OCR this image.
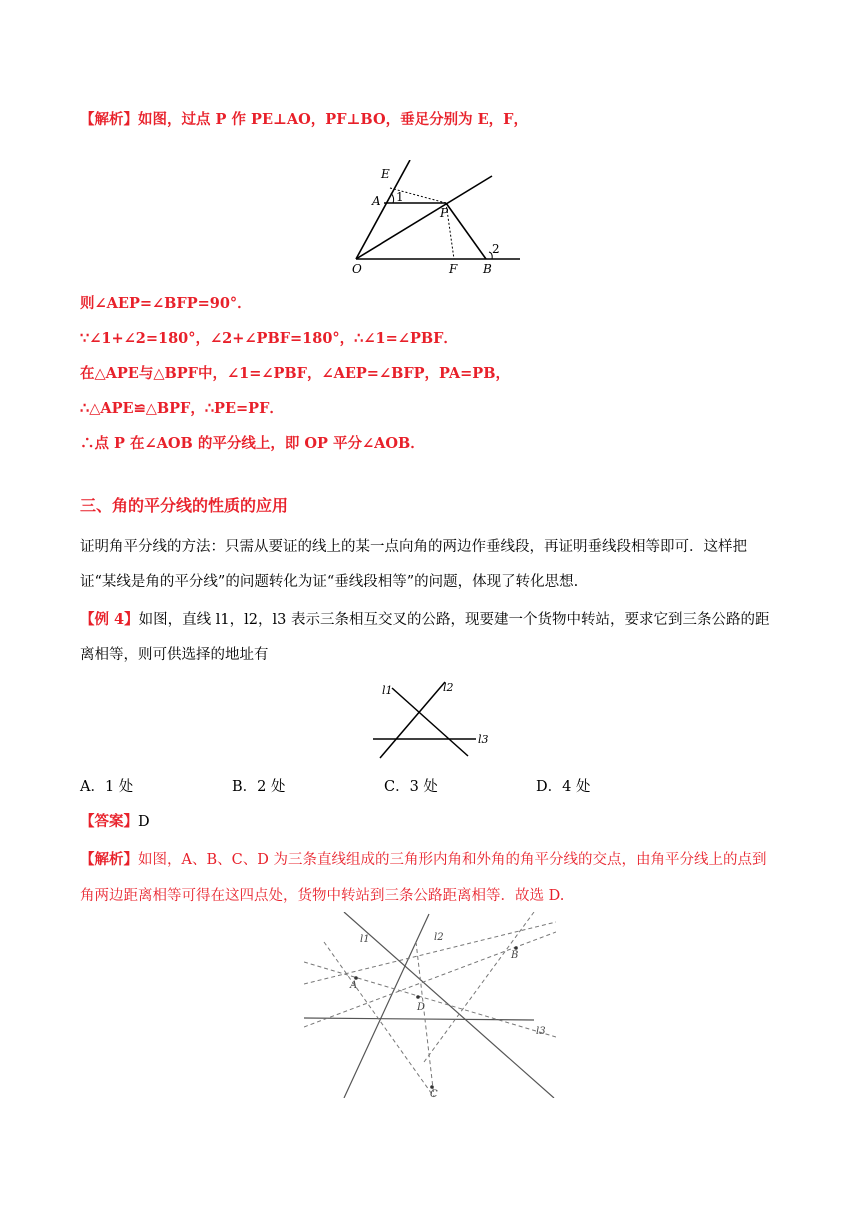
【解析】如图，过点 P 作 PE⊥AO，PF⊥BO，垂足分别为 E，F，
E
A 1
P
2
O	F B
则∠AEP=∠BFP=90°．
∵∠1+∠2=180°，∠2+∠PBF=180°，∴∠1=∠PBF．
在△APE与△BPF中，∠1=∠PBF，∠AEP=∠BFP，PA=PB，
∴△APE≌△BPF，∴PE=PF．
∴点 P 在∠AOB 的平分线上，即 OP 平分∠AOB．
三、角的平分线的性质的应用
证明角平分线的方法：只需从要证的线上的某一点向角的两边作垂线段，再证明垂线段相等即可．这样把
证“某线是角的平分线”的问题转化为证“垂线段相等”的问题，体现了转化思想.
【例 4】如图，直线 l1，l2，l3 表示三条相互交叉的公路，现要建一个货物中转站，要求它到三条公路的距
离相等，则可供选择的地址有
l1	l2
l3
A．1 处	B．2 处	C．3 处	D．4 处
【答案】D
【解析】如图，A、B、C、D 为三条直线组成的三角形内角和外角的角平分线的交点，由角平分线上的点到
角两边距离相等可得在这四点处，货物中转站到三条公路距离相等．故选 D.
l1	l2
l3
A
B
C
D
